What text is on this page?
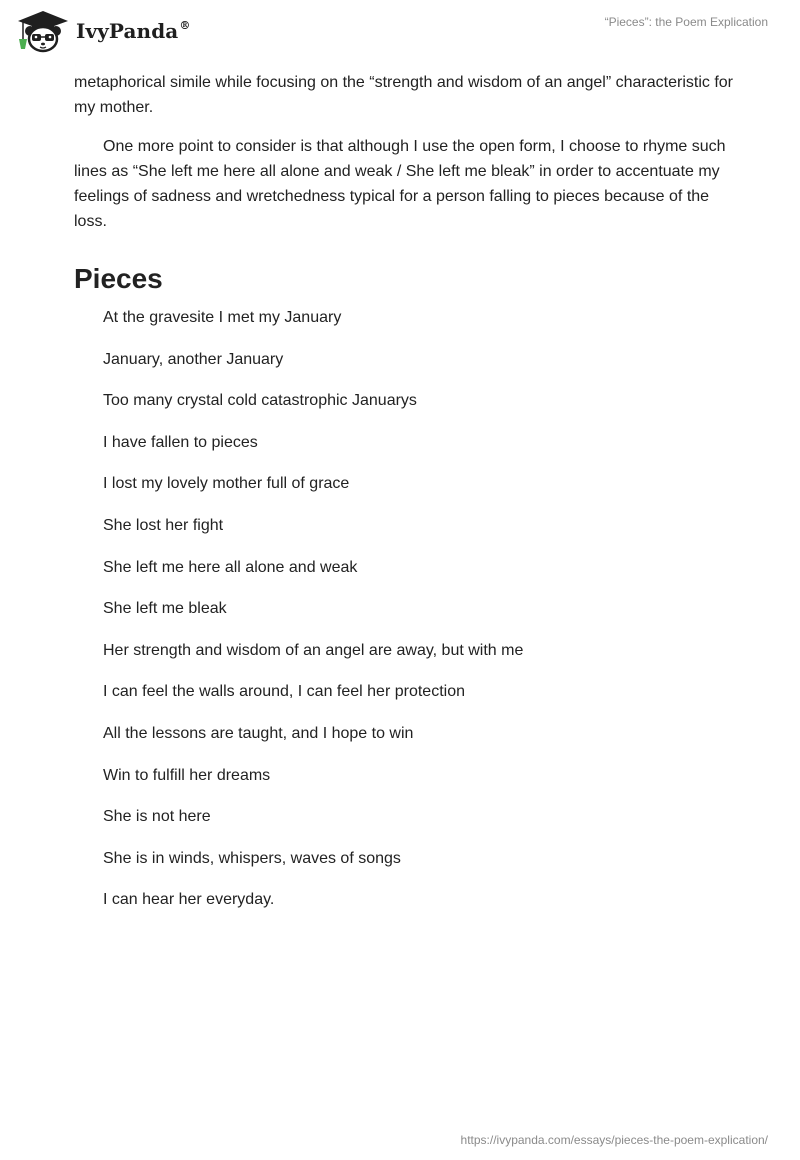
IvyPanda®	“Pieces”: the Poem Explication

metaphorical simile while focusing on the “strength and wisdom of an angel” characteristic for my mother.

One more point to consider is that although I use the open form, I choose to rhyme such lines as “She left me here all alone and weak / She left me bleak” in order to accentuate my feelings of sadness and wretchedness typical for a person falling to pieces because of the loss.

Pieces
At the gravesite I met my January
January, another January
Too many crystal cold catastrophic Januarys
I have fallen to pieces
I lost my lovely mother full of grace
She lost her fight
She left me here all alone and weak
She left me bleak
Her strength and wisdom of an angel are away, but with me
I can feel the walls around, I can feel her protection
All the lessons are taught, and I hope to win
Win to fulfill her dreams
She is not here
She is in winds, whispers, waves of songs
I can hear her everyday.
https://ivypanda.com/essays/pieces-the-poem-explication/
